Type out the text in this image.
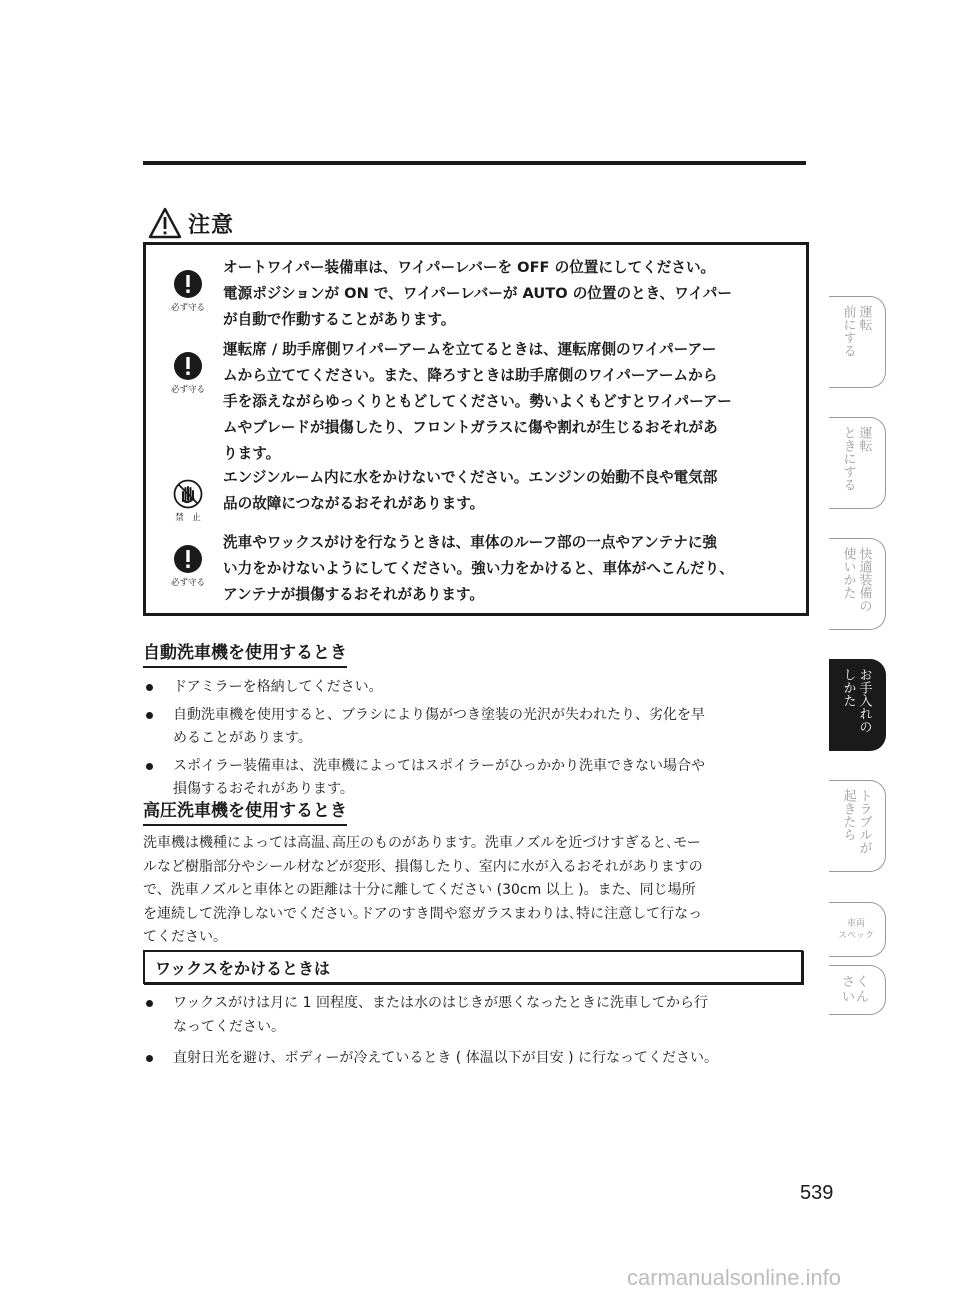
注意
必ず守る
オートワイパー装備車は、ワイパーレバーを OFF の位置にしてください。
電源ポジションが ON で、ワイパーレバーが AUTO の位置のとき、ワイパー
が自動で作動することがあります。
必ず守る
運転席 / 助手席側ワイパーアームを立てるときは、運転席側のワイパーアー
ムから立ててください。また、降ろすときは助手席側のワイパーアームから
手を添えながらゆっくりともどしてください。勢いよくもどすとワイパーアー
ムやブレードが損傷したり、フロントガラスに傷や割れが生じるおそれがあ
ります。
禁　止
エンジンルーム内に水をかけないでください。エンジンの始動不良や電気部
品の故障につながるおそれがあります。
必ず守る
洗車やワックスがけを行なうときは、車体のルーフ部の一点やアンテナに強
い力をかけないようにしてください。強い力をかけると、車体がへこんだり、
アンテナが損傷するおそれがあります。
自動洗車機を使用するとき
ドアミラーを格納してください。
自動洗車機を使用すると、ブラシにより傷がつき塗装の光沢が失われたり、劣化を早
めることがあります。
スポイラー装備車は、洗車機によってはスポイラーがひっかかり洗車できない場合や
損傷するおそれがあります。
高圧洗車機を使用するとき

洗車機は機種によっては高温､高圧のものがあります。洗車ノズルを近づけすぎると､モー
ルなど樹脂部分やシール材などが変形、損傷したり、室内に水が入るおそれがありますの
で、洗車ノズルと車体との距離は十分に離してください (30cm 以上 )。また、同じ場所
を連続して洗浄しないでください｡ドアのすき間や窓ガラスまわりは､特に注意して行なっ
てください。

ワックスをかけるときは
ワックスがけは月に 1 回程度、または水のはじきが悪くなったときに洗車してから行
なってください。
直射日光を避け、ボディーが冷えているとき ( 体温以下が目安 ) に行なってください。
539
運転
前にする
運転
ときにする
快適装備の
使いかた
お手入れの
しかた
トラブルが
起きたら
車両
スペック
さく
いん
carmanualsonline.info
